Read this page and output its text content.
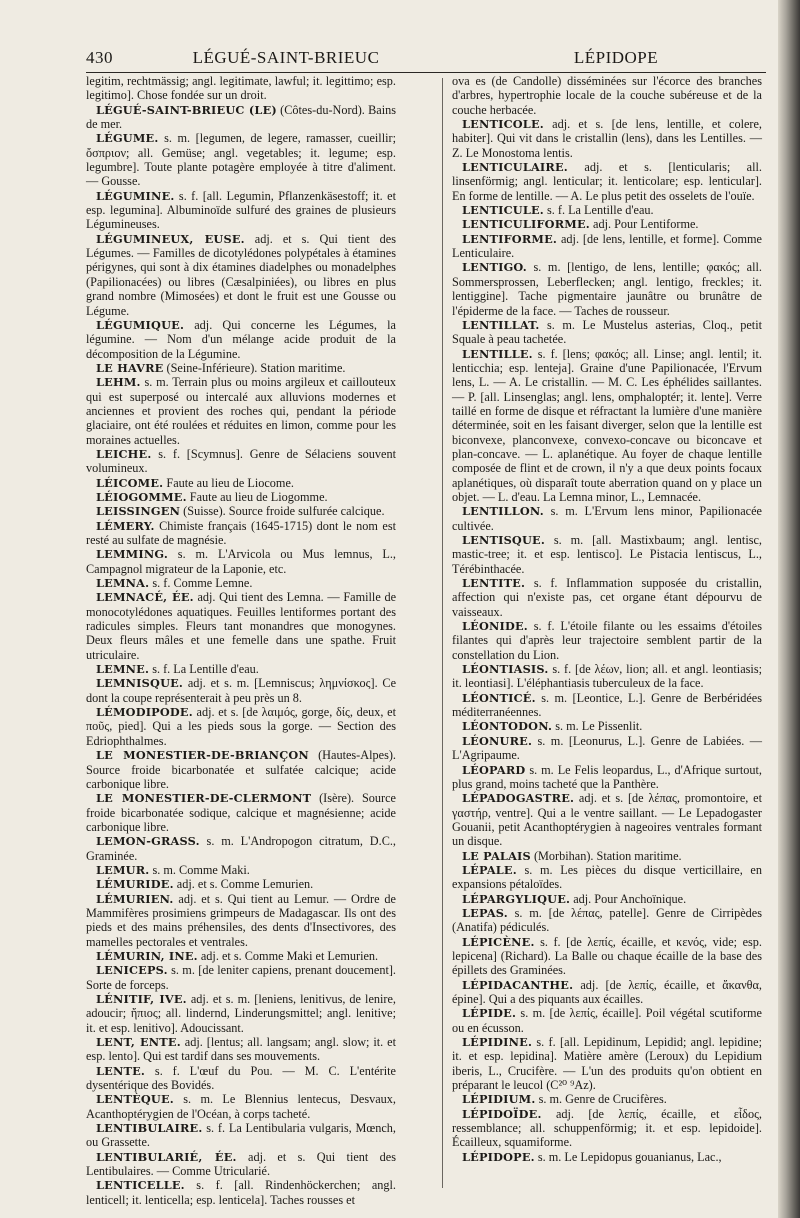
430	LÉGUÉ-SAINT-BRIEUC	LÉPIDOPE

legitim, rechtmässig; angl. legitimate, lawful; it. legittimo; esp. legitimo]. Chose fondée sur un droit.

LÉGUÉ-SAINT-BRIEUC (LE) (Côtes-du-Nord). Bains de mer.

LÉGUME. s. m. [legumen, de legere, ramasser, cueillir; ὄσπριον; all. Gemüse; angl. vegetables; it. legume; esp. legumbre]. Toute plante potagère employée à titre d'aliment. — Gousse.

LÉGUMINE. s. f. [all. Legumin, Pflanzenkäsestoff; it. et esp. legumina]. Albuminoïde sulfuré des graines de plusieurs Légumineuses.

LÉGUMINEUX, EUSE. adj. et s. Qui tient des Légumes. — Familles de dicotylédones polypétales à étamines périgynes, qui sont à dix étamines diadelphes ou monadelphes (Papilionacées) ou libres (Cæsalpiniées), ou libres en plus grand nombre (Mimosées) et dont le fruit est une Gousse ou Légume.

LÉGUMIQUE. adj. Qui concerne les Légumes, la légumine. — Nom d'un mélange acide produit de la décomposition de la Légumine.

LE HAVRE (Seine-Inférieure). Station maritime.

LEHM. s. m. Terrain plus ou moins argileux et caillouteux qui est superposé ou intercalé aux alluvions modernes et anciennes et provient des roches qui, pendant la période glaciaire, ont été roulées et réduites en limon, comme pour les moraines actuelles.

LEICHE. s. f. [Scymnus]. Genre de Sélaciens souvent volumineux.

LÉICOME. Faute au lieu de Liocome.

LÉIOGOMME. Faute au lieu de Liogomme.

LEISSINGEN (Suisse). Source froide sulfurée calcique.

LÉMERY. Chimiste français (1645-1715) dont le nom est resté au sulfate de magnésie.

LEMMING. s. m. L'Arvicola ou Mus lemnus, L., Campagnol migrateur de la Laponie, etc.

LEMNA. s. f. Comme Lemne.

LEMNACÉ, ÉE. adj. Qui tient des Lemna. — Famille de monocotylédones aquatiques. Feuilles lentiformes portant des radicules simples. Fleurs tant monandres que monogynes. Deux fleurs mâles et une femelle dans une spathe. Fruit utriculaire.

LEMNE. s. f. La Lentille d'eau.

LEMNISQUE. adj. et s. m. [Lemniscus; λημνίσκος]. Ce dont la coupe représenterait à peu près un 8.

LÉMODIPODE. adj. et s. [de λαιμός, gorge, δίς, deux, et ποῦς, pied]. Qui a les pieds sous la gorge. — Section des Edriophthalmes.

LE MONESTIER-DE-BRIANÇON (Hautes-Alpes). Source froide bicarbonatée et sulfatée calcique; acide carbonique libre.

LE MONESTIER-DE-CLERMONT (Isère). Source froide bicarbonatée sodique, calcique et magnésienne; acide carbonique libre.

LEMON-GRASS. s. m. L'Andropogon citratum, D.C., Graminée.

LEMUR. s. m. Comme Maki.

LÉMURIDE. adj. et s. Comme Lemurien.

LÉMURIEN. adj. et s. Qui tient au Lemur. — Ordre de Mammifères prosimiens grimpeurs de Madagascar. Ils ont des pieds et des mains préhensiles, des dents d'Insectivores, des mamelles pectorales et ventrales.

LÉMURIN, INE. adj. et s. Comme Maki et Lemurien.

LENICEPS. s. m. [de leniter capiens, prenant doucement]. Sorte de forceps.

LÉNITIF, IVE. adj. et s. m. [leniens, lenitivus, de lenire, adoucir; ἤπιος; all. lindernd, Linderungsmittel; angl. lenitive; it. et esp. lenitivo]. Adoucissant.

LENT, ENTE. adj. [lentus; all. langsam; angl. slow; it. et esp. lento]. Qui est tardif dans ses mouvements.

LENTE. s. f. L'œuf du Pou. — M. C. L'entérite dysentérique des Bovidés.

LENTÈQUE. s. m. Le Blennius lentecus, Desvaux, Acanthoptérygien de l'Océan, à corps tacheté.

LENTIBULAIRE. s. f. La Lentibularia vulgaris, Mœnch, ou Grassette.

LENTIBULARIÉ, ÉE. adj. et s. Qui tient des Lentibulaires. — Comme Utricularié.

LENTICELLE. s. f. [all. Rindenhöckerchen; angl. lenticell; it. lenticella; esp. lenticela]. Taches rousses et

ova es (de Candolle) disséminées sur l'écorce des branches d'arbres, hypertrophie locale de la couche subéreuse et de la couche herbacée.

LENTICOLE. adj. et s. [de lens, lentille, et colere, habiter]. Qui vit dans le cristallin (lens), dans les Lentilles. — Z. Le Monostoma lentis.

LENTICULAIRE. adj. et s. [lenticularis; all. linsenförmig; angl. lenticular; it. lenticolare; esp. lenticular]. En forme de lentille. — A. Le plus petit des osselets de l'ouïe.

LENTICULE. s. f. La Lentille d'eau.

LENTICULIFORME. adj. Pour Lentiforme.

LENTIFORME. adj. [de lens, lentille, et forme]. Comme Lenticulaire.

LENTIGO. s. m. [lentigo, de lens, lentille; φακός; all. Sommersprossen, Leberflecken; angl. lentigo, freckles; it. lentiggine]. Tache pigmentaire jaunâtre ou brunâtre de l'épiderme de la face. — Taches de rousseur.

LENTILLAT. s. m. Le Mustelus asterias, Cloq., petit Squale à peau tachetée.

LENTILLE. s. f. [lens; φακός; all. Linse; angl. lentil; it. lenticchia; esp. lenteja]. Graine d'une Papilionacée, l'Ervum lens, L. — A. Le cristallin. — M. C. Les éphélides saillantes. — P. [all. Linsenglas; angl. lens, omphaloptér; it. lente]. Verre taillé en forme de disque et réfractant la lumière d'une manière déterminée, soit en les faisant diverger, selon que la lentille est biconvexe, planconvexe, convexo-concave ou biconcave et plan-concave. — L. aplanétique. Au foyer de chaque lentille composée de flint et de crown, il n'y a que deux points focaux aplanétiques, où disparaît toute aberration quand on y place un objet. — L. d'eau. La Lemna minor, L., Lemnacée.

LENTILLON. s. m. L'Ervum lens minor, Papilionacée cultivée.

LENTISQUE. s. m. [all. Mastixbaum; angl. lentisc, mastic-tree; it. et esp. lentisco]. Le Pistacia lentiscus, L., Térébinthacée.

LENTITE. s. f. Inflammation supposée du cristallin, affection qui n'existe pas, cet organe étant dépourvu de vaisseaux.

LÉONIDE. s. f. L'étoile filante ou les essaims d'étoiles filantes qui d'après leur trajectoire semblent partir de la constellation du Lion.

LÉONTIASIS. s. f. [de λέων, lion; all. et angl. leontiasis; it. leontiasi]. L'éléphantiasis tuberculeux de la face.

LÉONTICÉ. s. m. [Leontice, L.]. Genre de Berbéridées méditerranéennes.

LÉONTODON. s. m. Le Pissenlit.

LÉONURE. s. m. [Leonurus, L.]. Genre de Labiées. — L'Agripaume.

LÉOPARD s. m. Le Felis leopardus, L., d'Afrique surtout, plus grand, moins tacheté que la Panthère.

LÉPADOGASTRE. adj. et s. [de λέπας, promontoire, et γαστήρ, ventre]. Qui a le ventre saillant. — Le Lepadogaster Gouanii, petit Acanthoptérygien à nageoires ventrales formant un disque.

LE PALAIS (Morbihan). Station maritime.

LÉPALE. s. m. Les pièces du disque verticillaire, en expansions pétaloïdes.

LÉPARGYLIQUE. adj. Pour Anchoïnique.

LEPAS. s. m. [de λέπας, patelle]. Genre de Cirripèdes (Anatifa) pédiculés.

LÉPICÈNE. s. f. [de λεπίς, écaille, et κενός, vide; esp. lepicena] (Richard). La Balle ou chaque écaille de la base des épillets des Graminées.

LÉPIDACANTHE. adj. [de λεπίς, écaille, et ἄκανθα, épine]. Qui a des piquants aux écailles.

LÉPIDE. s. m. [de λεπίς, écaille]. Poil végétal scutiforme ou en écusson.

LÉPIDINE. s. f. [all. Lepidinum, Lepidid; angl. lepidine; it. et esp. lepidina]. Matière amère (Leroux) du Lepidium iberis, L., Crucifère. — L'un des produits qu'on obtient en préparant le leucol (C²⁰ ⁹Az).

LÉPIDIUM. s. m. Genre de Crucifères.

LÉPIDOÏDE. adj. [de λεπίς, écaille, et εἶδος, ressemblance; all. schuppenförmig; it. et esp. lepidoide]. Écailleux, squamiforme.

LÉPIDOPE. s. m. Le Lepidopus gouanianus, Lac.,
